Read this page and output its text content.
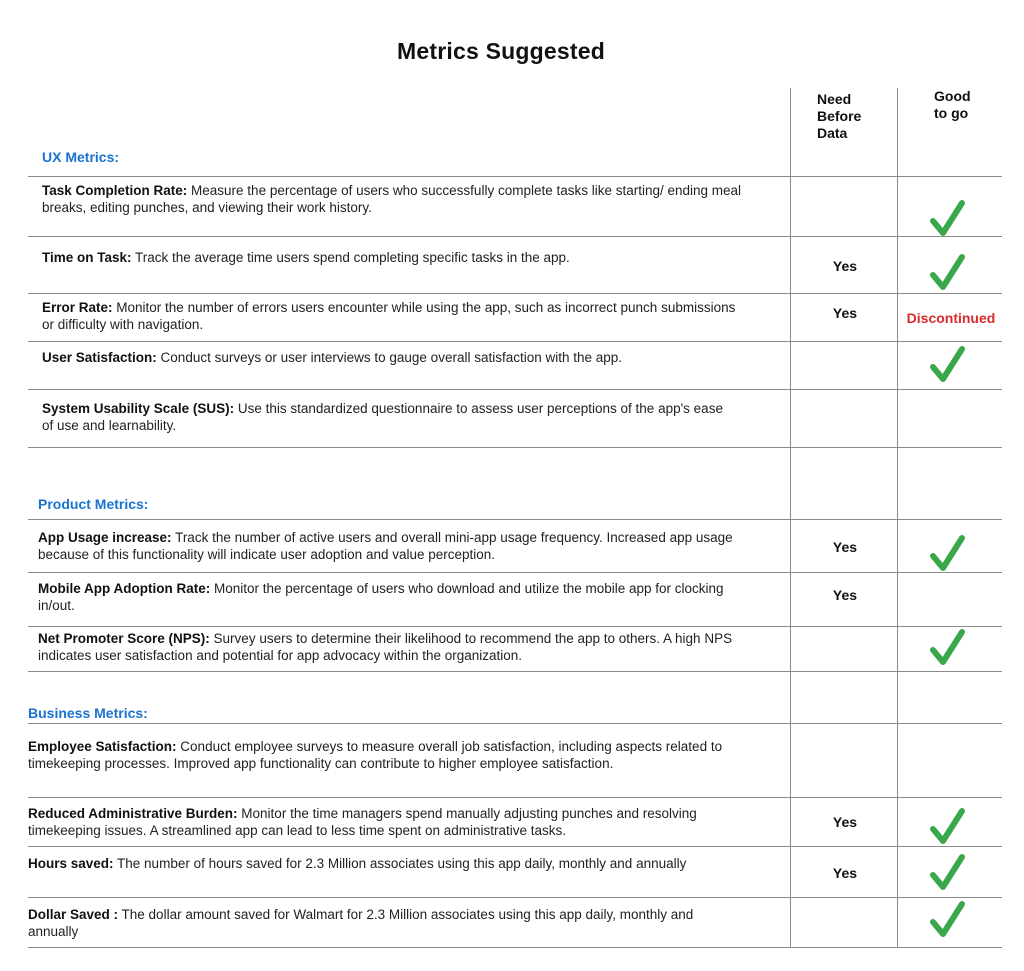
Metrics Suggested
Need
Before
Data
Good
to go
UX Metrics:
Product Metrics:
Business Metrics:
Task Completion Rate: Measure the percentage of users who successfully complete tasks like starting/ ending meal breaks, editing punches, and viewing their work history.
Time on Task: Track the average time users spend completing specific tasks in the app.
Error Rate: Monitor the number of errors users encounter while using the app, such as incorrect punch submissions or difficulty with navigation.
User Satisfaction: Conduct surveys or user interviews to gauge overall satisfaction with the app.
System Usability Scale (SUS): Use this standardized questionnaire to assess user perceptions of the app's ease of use and learnability.
App Usage increase: Track the number of active users and overall mini-app usage frequency. Increased app usage because of this functionality will indicate user adoption and value perception.
Mobile App Adoption Rate: Monitor the percentage of users who download and utilize the mobile app for clocking in/out.
Net Promoter Score (NPS): Survey users to determine their likelihood to recommend the app to others. A high NPS indicates user satisfaction and potential for app advocacy within the organization.
Employee Satisfaction: Conduct employee surveys to measure overall job satisfaction, including aspects related to timekeeping processes. Improved app functionality can contribute to higher employee satisfaction.
Reduced Administrative Burden: Monitor the time managers spend manually adjusting punches and resolving timekeeping issues. A streamlined app can lead to less time spent on administrative tasks.
Hours saved: The number of hours saved for 2.3 Million associates using this app daily, monthly and annually
Dollar Saved : The dollar amount saved for Walmart for 2.3 Million associates using this app daily, monthly and annually
Yes
Yes
Yes
Yes
Yes
Yes
Discontinued
